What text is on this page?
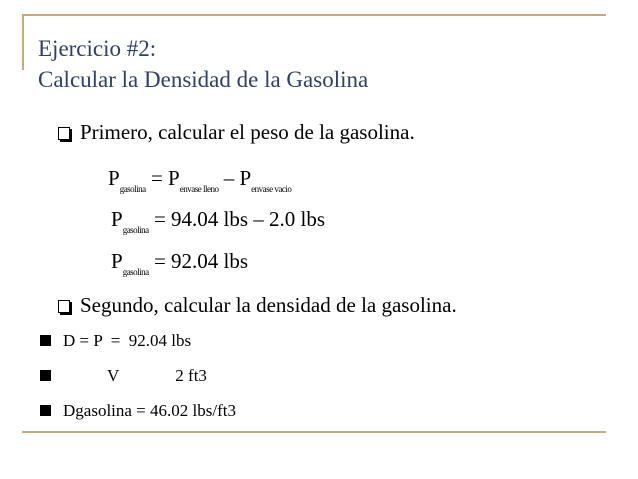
Ejercicio #2:
Calcular la Densidad de la Gasolina
Primero, calcular el peso de la gasolina.
$P_{gasolina} = P_{envase lleno} - P_{envase vacio}$
$P_{gasolina} = 94.04$ lbs – 2.0 lbs
$P_{gasolina} = 92.04$ lbs
Segundo, calcular la densidad de la gasolina.
D = P  =  92.04 lbs
V	2 ft3
Dgasolina = 46.02 lbs/ft3
